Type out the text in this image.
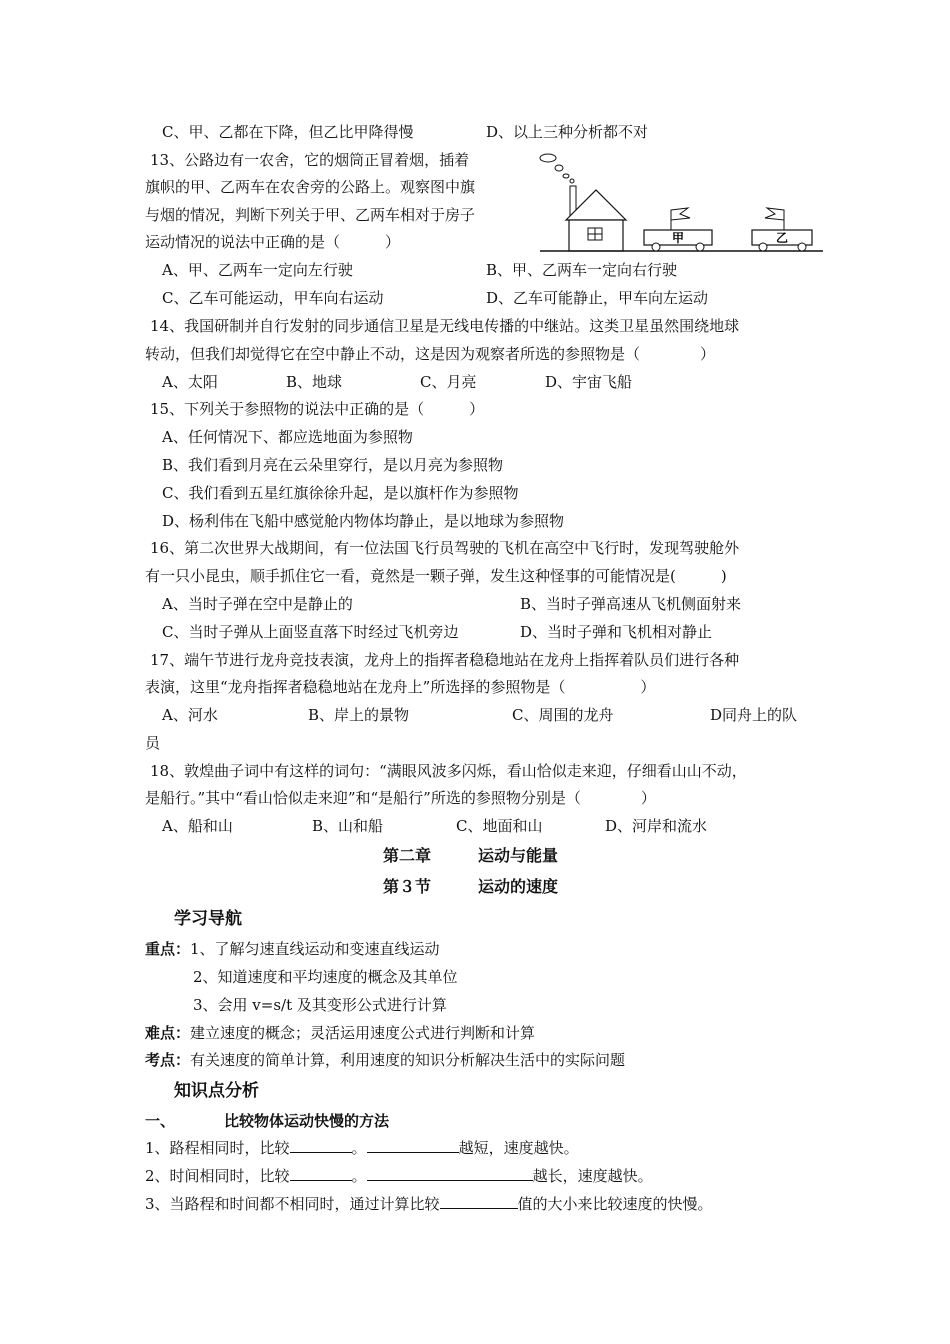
C、甲、乙都在下降，但乙比甲降得慢	D、以上三种分析都不对
13、公路边有一农舍，它的烟筒正冒着烟，插着
旗帜的甲、乙两车在农舍旁的公路上。观察图中旗
与烟的情况，判断下列关于甲、乙两车相对于房子
运动情况的说法中正确的是（　　　）
A、甲、乙两车一定向左行驶	B、甲、乙两车一定向右行驶
C、乙车可能运动，甲车向右运动	D、乙车可能静止，甲车向左运动
甲	乙
14、我国研制并自行发射的同步通信卫星是无线电传播的中继站。这类卫星虽然围绕地球
转动，但我们却觉得它在空中静止不动，这是因为观察者所选的参照物是（　　　　）
A、太阳	B、地球	C、月亮	D、宇宙飞船
15、下列关于参照物的说法中正确的是（　　　）
A、任何情况下、都应选地面为参照物
B、我们看到月亮在云朵里穿行，是以月亮为参照物
C、我们看到五星红旗徐徐升起，是以旗杆作为参照物
D、杨利伟在飞船中感觉舱内物体均静止，是以地球为参照物
16、第二次世界大战期间，有一位法国飞行员驾驶的飞机在高空中飞行时，发现驾驶舱外
有一只小昆虫，顺手抓住它一看，竟然是一颗子弹，发生这种怪事的可能情况是(　　　)
A、当时子弹在空中是静止的	B、当时子弹高速从飞机侧面射来
C、当时子弹从上面竖直落下时经过飞机旁边	D、当时子弹和飞机相对静止
17、端午节进行龙舟竞技表演，龙舟上的指挥者稳稳地站在龙舟上指挥着队员们进行各种
表演，这里“龙舟指挥者稳稳地站在龙舟上”所选择的参照物是（　　　　　）
A、河水	B、岸上的景物	C、周围的龙舟	D同舟上的队
员
18、敦煌曲子词中有这样的词句：“满眼风波多闪烁，看山恰似走来迎，仔细看山山不动，
是船行。”其中“看山恰似走来迎”和“是船行”所选的参照物分别是（　　　　）
A、船和山	B、山和船	C、地面和山	D、河岸和流水
第二章	运动与能量
第３节	运动的速度
学习导航
重点：1、了解匀速直线运动和变速直线运动
2、知道速度和平均速度的概念及其单位
3、会用 v=s/t 及其变形公式进行计算
难点：建立速度的概念；灵活运用速度公式进行判断和计算
考点：有关速度的简单计算，利用速度的知识分析解决生活中的实际问题
知识点分析
一、	比较物体运动快慢的方法
1、路程相同时，比较	。	越短，速度越快。
2、时间相同时，比较	。	越长，速度越快。
3、当路程和时间都不相同时，通过计算比较	值的大小来比较速度的快慢。
